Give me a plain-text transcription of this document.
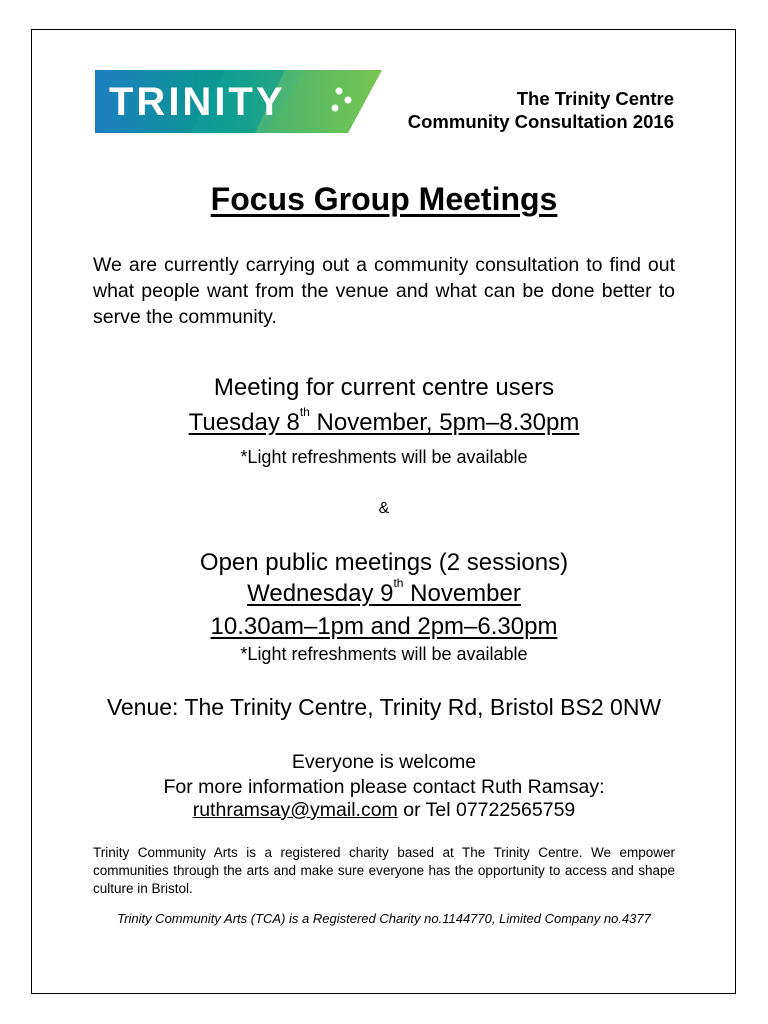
TRINITY	The Trinity Centre
Community Consultation 2016
Focus Group Meetings
We are currently carrying out a community consultation to find out what people want from the venue and what can be done better to serve the community.
Meeting for current centre users
Tuesday 8th November, 5pm–8.30pm
*Light refreshments will be available
&
Open public meetings (2 sessions)
Wednesday 9th November
10.30am–1pm and 2pm–6.30pm
*Light refreshments will be available
Venue: The Trinity Centre, Trinity Rd, Bristol BS2 0NW
Everyone is welcome
For more information please contact Ruth Ramsay:
ruthramsay@ymail.com or Tel 07722565759
Trinity Community Arts is a registered charity based at The Trinity Centre. We empower communities through the arts and make sure everyone has the opportunity to access and shape culture in Bristol.
Trinity Community Arts (TCA) is a Registered Charity no.1144770, Limited Company no.4377
